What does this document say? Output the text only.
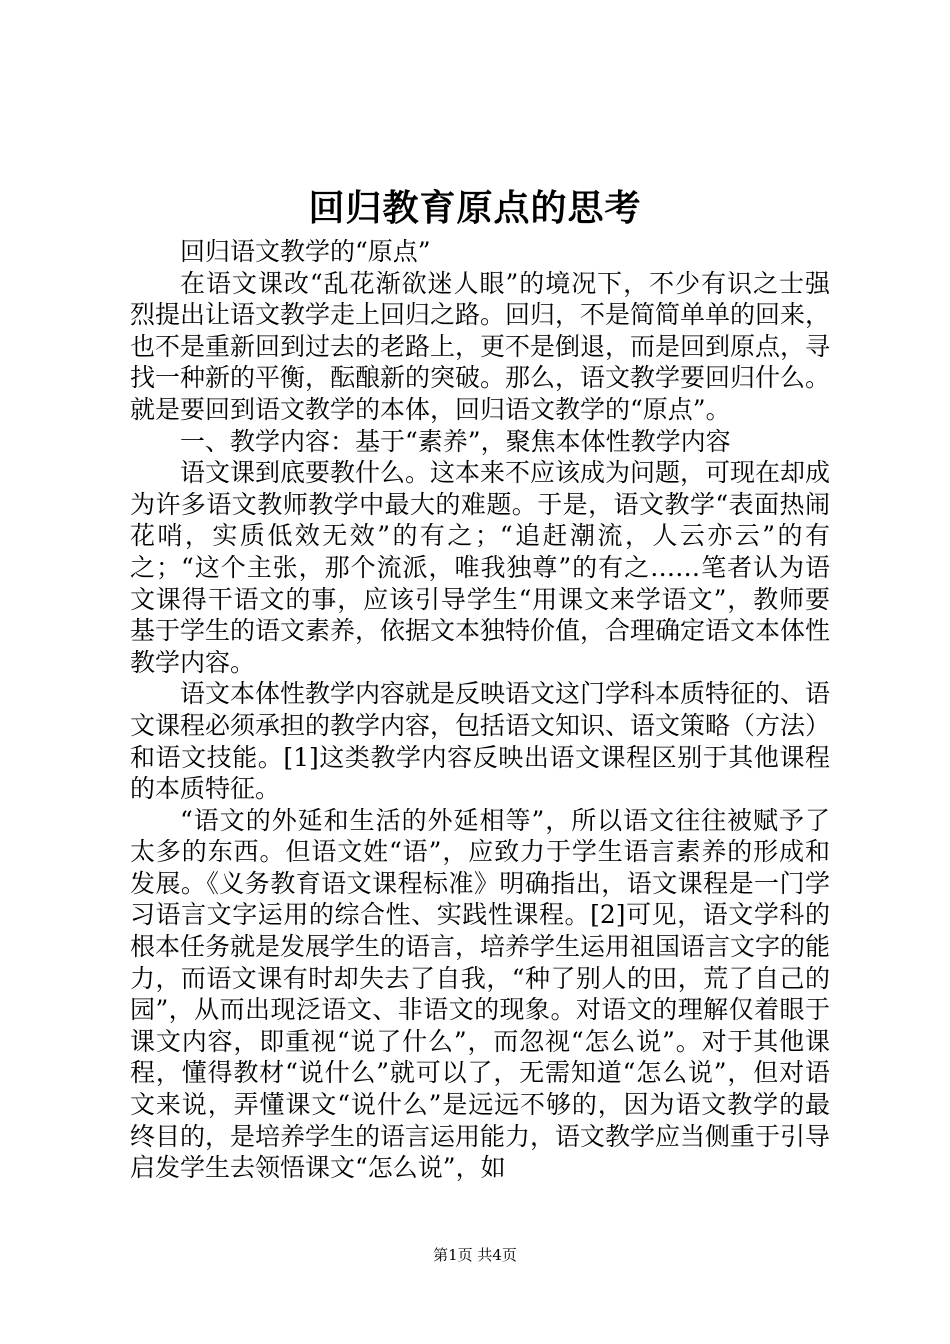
回归教育原点的思考

回归语文教学的“原点”

在语文课改“乱花渐欲迷人眼”的境况下，不少有识之士强烈提出让语文教学走上回归之路。回归，不是简简单单的回来，也不是重新回到过去的老路上，更不是倒退，而是回到原点，寻找一种新的平衡，酝酿新的突破。那么，语文教学要回归什么。就是要回到语文教学的本体，回归语文教学的“原点”。

一、教学内容：基于“素养”，聚焦本体性教学内容

语文课到底要教什么。这本来不应该成为问题，可现在却成为许多语文教师教学中最大的难题。于是，语文教学“表面热闹花哨，实质低效无效”的有之；“追赶潮流，人云亦云”的有之；“这个主张，那个流派，唯我独尊”的有之……笔者认为语文课得干语文的事，应该引导学生“用课文来学语文”，教师要基于学生的语文素养，依据文本独特价值，合理确定语文本体性教学内容。

语文本体性教学内容就是反映语文这门学科本质特征的、语文课程必须承担的教学内容，包括语文知识、语文策略（方法）和语文技能。[1]这类教学内容反映出语文课程区别于其他课程的本质特征。

“语文的外延和生活的外延相等”，所以语文往往被赋予了太多的东西。但语文姓“语”，应致力于学生语言素养的形成和发展。《义务教育语文课程标准》明确指出，语文课程是一门学习语言文字运用的综合性、实践性课程。[2]可见，语文学科的根本任务就是发展学生的语言，培养学生运用祖国语言文字的能力，而语文课有时却失去了自我，“种了别人的田，荒了自己的园”，从而出现泛语文、非语文的现象。对语文的理解仅着眼于课文内容，即重视“说了什么”，而忽视“怎么说”。对于其他课程，懂得教材“说什么”就可以了，无需知道“怎么说”，但对语文来说，弄懂课文“说什么”是远远不够的，因为语文教学的最终目的，是培养学生的语言运用能力，语文教学应当侧重于引导启发学生去领悟课文“怎么说”，如

第1页 共4页
